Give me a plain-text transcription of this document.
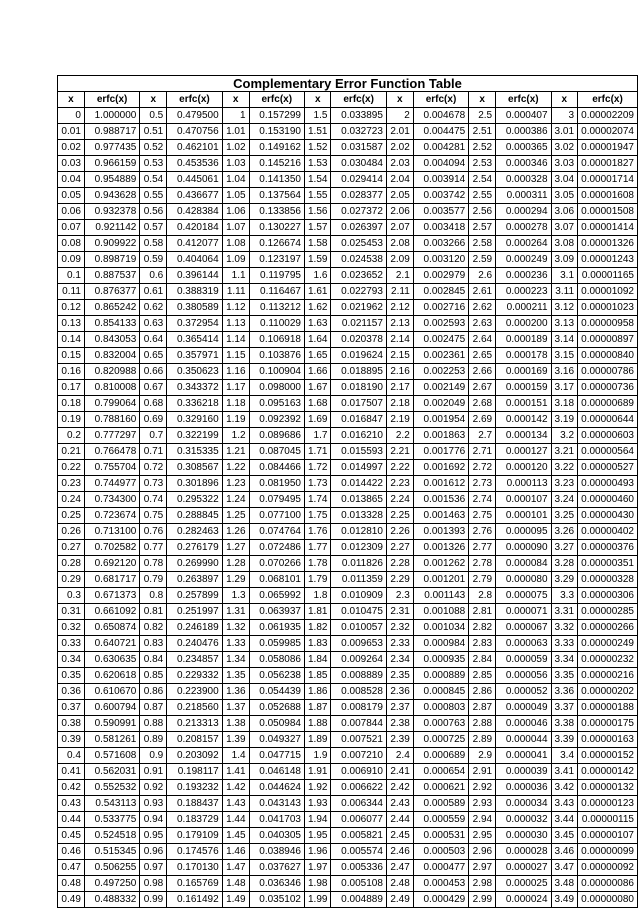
Complementary Error Function Table													
x	erfc(x)	x	erfc(x)	x	erfc(x)	x	erfc(x)	x	erfc(x)	x	erfc(x)	x	erfc(x)
0	1.000000	0.5	0.479500	1	0.157299	1.5	0.033895	2	0.004678	2.5	0.000407	3	0.00002209
0.01	0.988717	0.51	0.470756	1.01	0.153190	1.51	0.032723	2.01	0.004475	2.51	0.000386	3.01	0.00002074
0.02	0.977435	0.52	0.462101	1.02	0.149162	1.52	0.031587	2.02	0.004281	2.52	0.000365	3.02	0.00001947
0.03	0.966159	0.53	0.453536	1.03	0.145216	1.53	0.030484	2.03	0.004094	2.53	0.000346	3.03	0.00001827
0.04	0.954889	0.54	0.445061	1.04	0.141350	1.54	0.029414	2.04	0.003914	2.54	0.000328	3.04	0.00001714
0.05	0.943628	0.55	0.436677	1.05	0.137564	1.55	0.028377	2.05	0.003742	2.55	0.000311	3.05	0.00001608
0.06	0.932378	0.56	0.428384	1.06	0.133856	1.56	0.027372	2.06	0.003577	2.56	0.000294	3.06	0.00001508
0.07	0.921142	0.57	0.420184	1.07	0.130227	1.57	0.026397	2.07	0.003418	2.57	0.000278	3.07	0.00001414
0.08	0.909922	0.58	0.412077	1.08	0.126674	1.58	0.025453	2.08	0.003266	2.58	0.000264	3.08	0.00001326
0.09	0.898719	0.59	0.404064	1.09	0.123197	1.59	0.024538	2.09	0.003120	2.59	0.000249	3.09	0.00001243
0.1	0.887537	0.6	0.396144	1.1	0.119795	1.6	0.023652	2.1	0.002979	2.6	0.000236	3.1	0.00001165
0.11	0.876377	0.61	0.388319	1.11	0.116467	1.61	0.022793	2.11	0.002845	2.61	0.000223	3.11	0.00001092
0.12	0.865242	0.62	0.380589	1.12	0.113212	1.62	0.021962	2.12	0.002716	2.62	0.000211	3.12	0.00001023
0.13	0.854133	0.63	0.372954	1.13	0.110029	1.63	0.021157	2.13	0.002593	2.63	0.000200	3.13	0.00000958
0.14	0.843053	0.64	0.365414	1.14	0.106918	1.64	0.020378	2.14	0.002475	2.64	0.000189	3.14	0.00000897
0.15	0.832004	0.65	0.357971	1.15	0.103876	1.65	0.019624	2.15	0.002361	2.65	0.000178	3.15	0.00000840
0.16	0.820988	0.66	0.350623	1.16	0.100904	1.66	0.018895	2.16	0.002253	2.66	0.000169	3.16	0.00000786
0.17	0.810008	0.67	0.343372	1.17	0.098000	1.67	0.018190	2.17	0.002149	2.67	0.000159	3.17	0.00000736
0.18	0.799064	0.68	0.336218	1.18	0.095163	1.68	0.017507	2.18	0.002049	2.68	0.000151	3.18	0.00000689
0.19	0.788160	0.69	0.329160	1.19	0.092392	1.69	0.016847	2.19	0.001954	2.69	0.000142	3.19	0.00000644
0.2	0.777297	0.7	0.322199	1.2	0.089686	1.7	0.016210	2.2	0.001863	2.7	0.000134	3.2	0.00000603
0.21	0.766478	0.71	0.315335	1.21	0.087045	1.71	0.015593	2.21	0.001776	2.71	0.000127	3.21	0.00000564
0.22	0.755704	0.72	0.308567	1.22	0.084466	1.72	0.014997	2.22	0.001692	2.72	0.000120	3.22	0.00000527
0.23	0.744977	0.73	0.301896	1.23	0.081950	1.73	0.014422	2.23	0.001612	2.73	0.000113	3.23	0.00000493
0.24	0.734300	0.74	0.295322	1.24	0.079495	1.74	0.013865	2.24	0.001536	2.74	0.000107	3.24	0.00000460
0.25	0.723674	0.75	0.288845	1.25	0.077100	1.75	0.013328	2.25	0.001463	2.75	0.000101	3.25	0.00000430
0.26	0.713100	0.76	0.282463	1.26	0.074764	1.76	0.012810	2.26	0.001393	2.76	0.000095	3.26	0.00000402
0.27	0.702582	0.77	0.276179	1.27	0.072486	1.77	0.012309	2.27	0.001326	2.77	0.000090	3.27	0.00000376
0.28	0.692120	0.78	0.269990	1.28	0.070266	1.78	0.011826	2.28	0.001262	2.78	0.000084	3.28	0.00000351
0.29	0.681717	0.79	0.263897	1.29	0.068101	1.79	0.011359	2.29	0.001201	2.79	0.000080	3.29	0.00000328
0.3	0.671373	0.8	0.257899	1.3	0.065992	1.8	0.010909	2.3	0.001143	2.8	0.000075	3.3	0.00000306
0.31	0.661092	0.81	0.251997	1.31	0.063937	1.81	0.010475	2.31	0.001088	2.81	0.000071	3.31	0.00000285
0.32	0.650874	0.82	0.246189	1.32	0.061935	1.82	0.010057	2.32	0.001034	2.82	0.000067	3.32	0.00000266
0.33	0.640721	0.83	0.240476	1.33	0.059985	1.83	0.009653	2.33	0.000984	2.83	0.000063	3.33	0.00000249
0.34	0.630635	0.84	0.234857	1.34	0.058086	1.84	0.009264	2.34	0.000935	2.84	0.000059	3.34	0.00000232
0.35	0.620618	0.85	0.229332	1.35	0.056238	1.85	0.008889	2.35	0.000889	2.85	0.000056	3.35	0.00000216
0.36	0.610670	0.86	0.223900	1.36	0.054439	1.86	0.008528	2.36	0.000845	2.86	0.000052	3.36	0.00000202
0.37	0.600794	0.87	0.218560	1.37	0.052688	1.87	0.008179	2.37	0.000803	2.87	0.000049	3.37	0.00000188
0.38	0.590991	0.88	0.213313	1.38	0.050984	1.88	0.007844	2.38	0.000763	2.88	0.000046	3.38	0.00000175
0.39	0.581261	0.89	0.208157	1.39	0.049327	1.89	0.007521	2.39	0.000725	2.89	0.000044	3.39	0.00000163
0.4	0.571608	0.9	0.203092	1.4	0.047715	1.9	0.007210	2.4	0.000689	2.9	0.000041	3.4	0.00000152
0.41	0.562031	0.91	0.198117	1.41	0.046148	1.91	0.006910	2.41	0.000654	2.91	0.000039	3.41	0.00000142
0.42	0.552532	0.92	0.193232	1.42	0.044624	1.92	0.006622	2.42	0.000621	2.92	0.000036	3.42	0.00000132
0.43	0.543113	0.93	0.188437	1.43	0.043143	1.93	0.006344	2.43	0.000589	2.93	0.000034	3.43	0.00000123
0.44	0.533775	0.94	0.183729	1.44	0.041703	1.94	0.006077	2.44	0.000559	2.94	0.000032	3.44	0.00000115
0.45	0.524518	0.95	0.179109	1.45	0.040305	1.95	0.005821	2.45	0.000531	2.95	0.000030	3.45	0.00000107
0.46	0.515345	0.96	0.174576	1.46	0.038946	1.96	0.005574	2.46	0.000503	2.96	0.000028	3.46	0.00000099
0.47	0.506255	0.97	0.170130	1.47	0.037627	1.97	0.005336	2.47	0.000477	2.97	0.000027	3.47	0.00000092
0.48	0.497250	0.98	0.165769	1.48	0.036346	1.98	0.005108	2.48	0.000453	2.98	0.000025	3.48	0.00000086
0.49	0.488332	0.99	0.161492	1.49	0.035102	1.99	0.004889	2.49	0.000429	2.99	0.000024	3.49	0.00000080
